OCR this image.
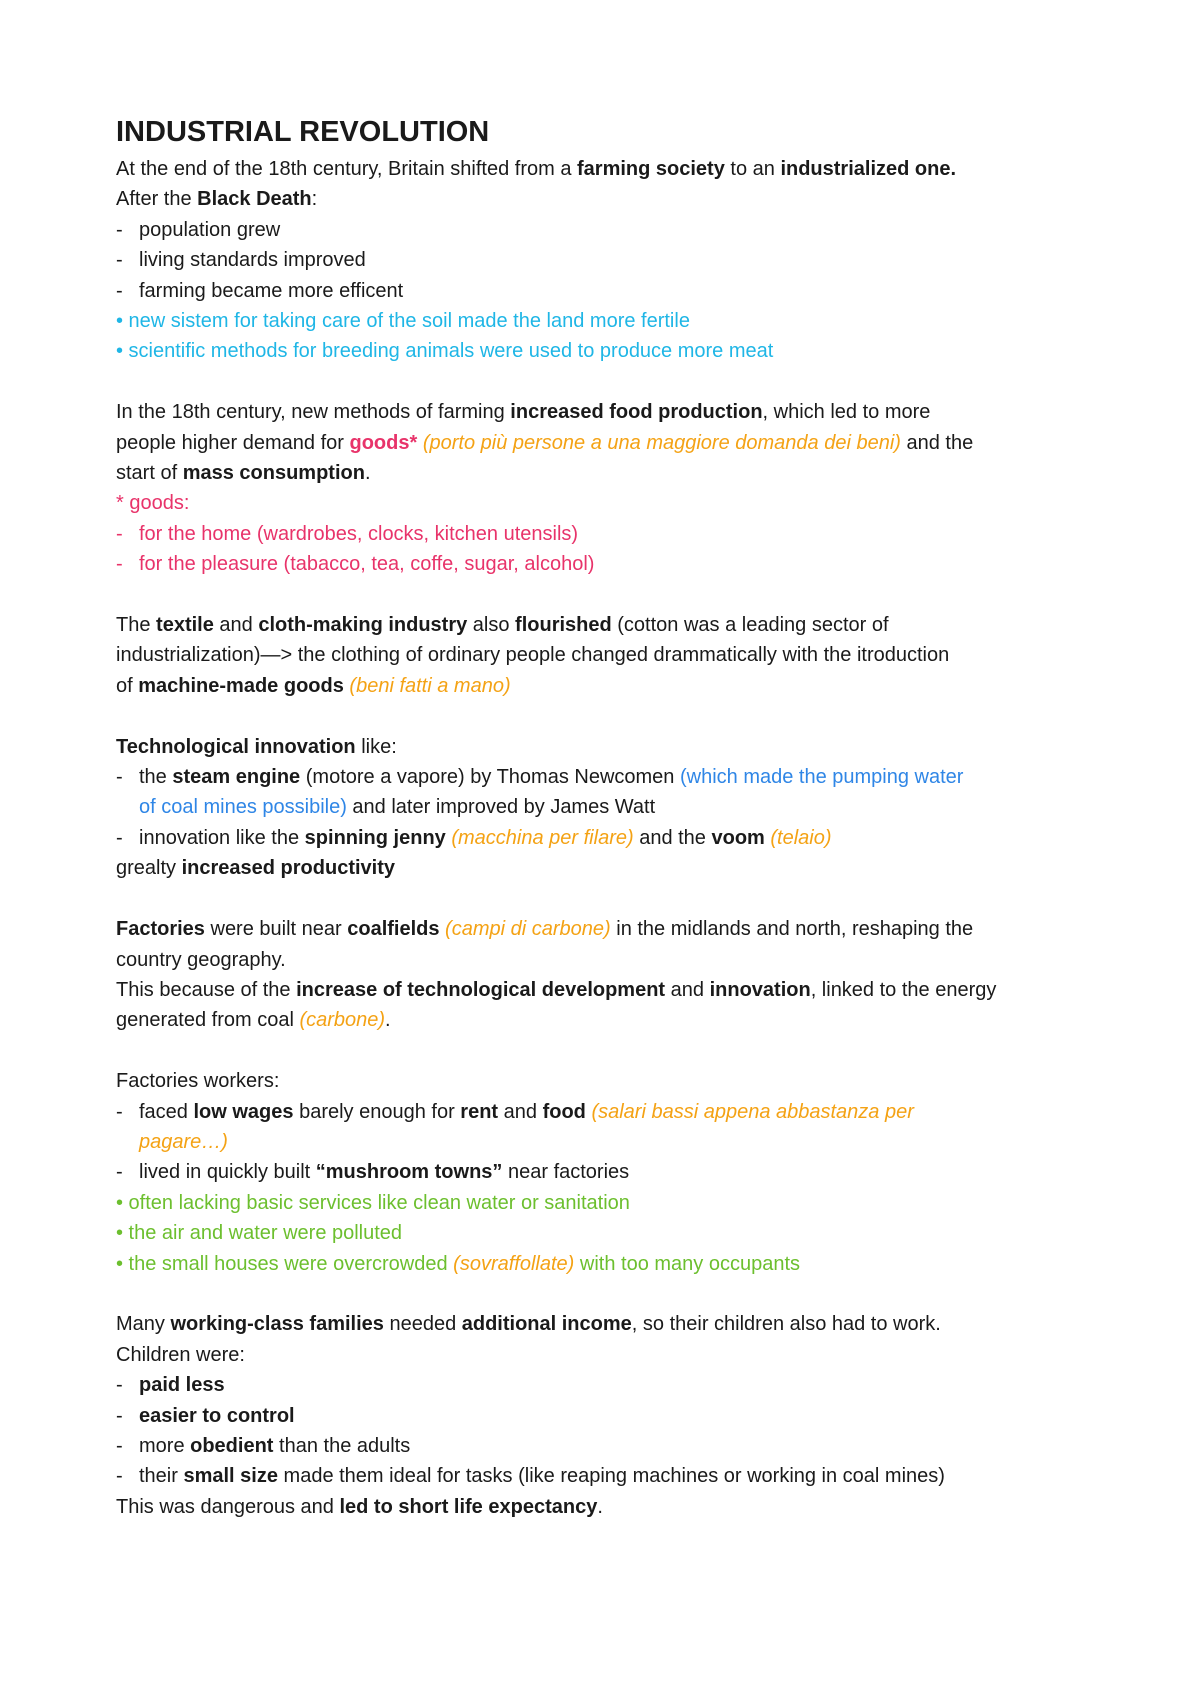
INDUSTRIAL REVOLUTION
At the end of the 18th century, Britain shifted from a farming society to an industrialized one.
After the Black Death:
- population grew
- living standards improved
- farming became more efficent
• new sistem for taking care of the soil made the land more fertile
• scientific methods for breeding animals were used to produce more meat
In the 18th century, new methods of farming increased food production, which led to more
people higher demand for goods* (porto più persone a una maggiore domanda dei beni) and the
start of mass consumption.
* goods:
- for the home (wardrobes, clocks, kitchen utensils)
- for the pleasure (tabacco, tea, coffe, sugar, alcohol)
The textile and cloth-making industry also flourished (cotton was a leading sector of
industrialization)—> the clothing of ordinary people changed drammatically with the itroduction
of machine-made goods (beni fatti a mano)
Technological innovation like:
- the steam engine (motore a vapore) by Thomas Newcomen (which made the pumping water
of coal mines possibile) and later improved by James Watt
- innovation like the spinning jenny (macchina per filare) and the voom (telaio)
grealty increased productivity
Factories were built near coalfields (campi di carbone) in the midlands and north, reshaping the
country geography.
This because of the increase of technological development and innovation, linked to the energy
generated from coal (carbone).
Factories workers:
- faced low wages barely enough for rent and food (salari bassi appena abbastanza per
pagare…)
- lived in quickly built “mushroom towns” near factories
• often lacking basic services like clean water or sanitation
• the air and water were polluted
• the small houses were overcrowded (sovraffollate) with too many occupants
Many working-class families needed additional income, so their children also had to work.
Children were:
- paid less
- easier to control
- more obedient than the adults
- their small size made them ideal for tasks (like reaping machines or working in coal mines)
This was dangerous and led to short life expectancy.
